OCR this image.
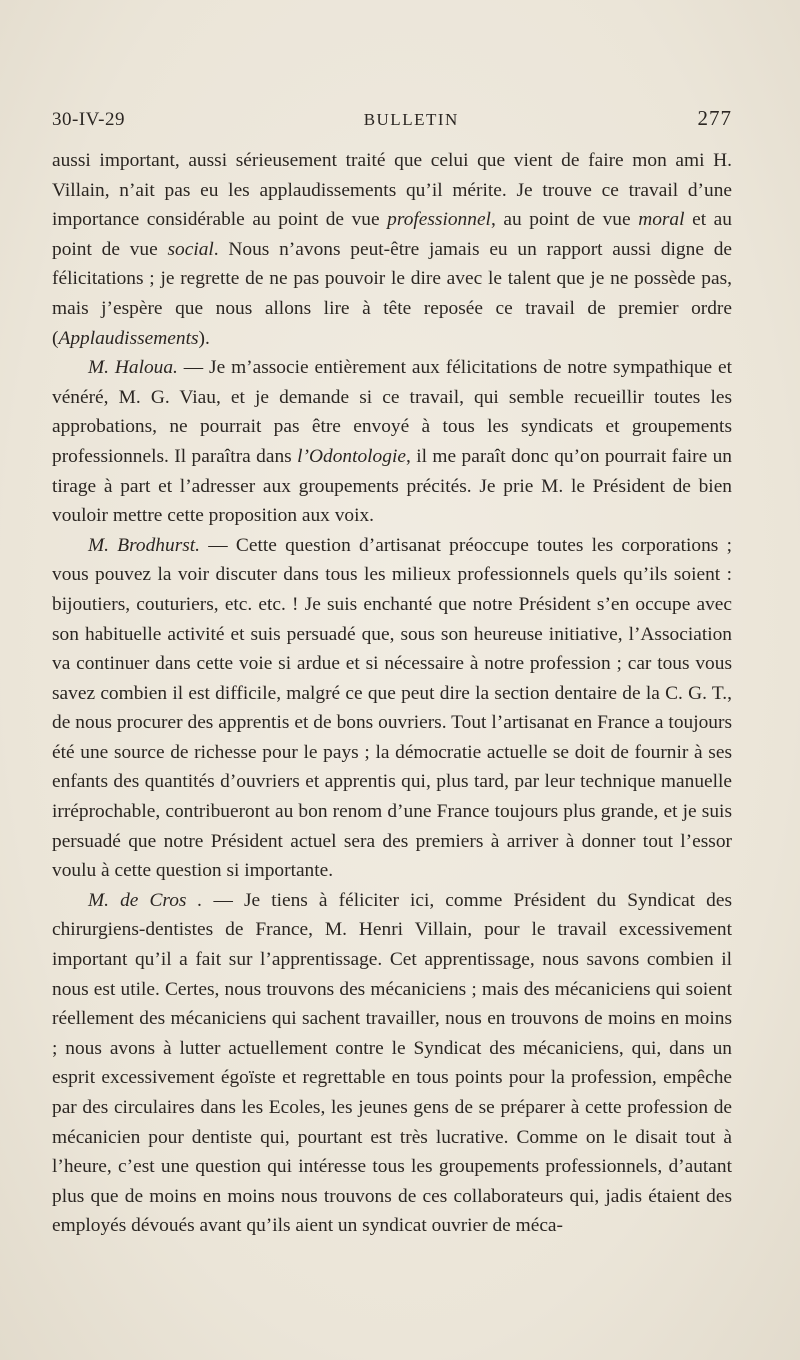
30-IV-29	BULLETIN	277

aussi important, aussi sérieusement traité que celui que vient de faire mon ami H. Villain, n’ait pas eu les applaudissements qu’il mérite. Je trouve ce travail d’une importance considérable au point de vue professionnel, au point de vue moral et au point de vue social. Nous n’avons peut-être jamais eu un rapport aussi digne de félicitations ; je regrette de ne pas pouvoir le dire avec le talent que je ne possède pas, mais j’espère que nous allons lire à tête reposée ce travail de premier ordre (Applaudissements).

M. Haloua. — Je m’associe entièrement aux félicitations de notre sympathique et vénéré, M. G. Viau, et je demande si ce travail, qui semble recueillir toutes les approbations, ne pourrait pas être envoyé à tous les syndicats et groupements professionnels. Il paraîtra dans l’Odontologie, il me paraît donc qu’on pourrait faire un tirage à part et l’adresser aux groupements précités. Je prie M. le Président de bien vouloir mettre cette proposition aux voix.

M. Brodhurst. — Cette question d’artisanat préoccupe toutes les corporations ; vous pouvez la voir discuter dans tous les milieux professionnels quels qu’ils soient : bijoutiers, couturiers, etc. etc. ! Je suis enchanté que notre Président s’en occupe avec son habituelle activité et suis persuadé que, sous son heureuse initiative, l’Association va continuer dans cette voie si ardue et si nécessaire à notre profession ; car tous vous savez combien il est difficile, malgré ce que peut dire la section dentaire de la C. G. T., de nous procurer des apprentis et de bons ouvriers. Tout l’artisanat en France a toujours été une source de richesse pour le pays ; la démocratie actuelle se doit de fournir à ses enfants des quantités d’ouvriers et apprentis qui, plus tard, par leur technique manuelle irréprochable, contribueront au bon renom d’une France toujours plus grande, et je suis persuadé que notre Président actuel sera des premiers à arriver à donner tout l’essor voulu à cette question si importante.

M. de Cros . — Je tiens à féliciter ici, comme Président du Syndicat des chirurgiens-dentistes de France, M. Henri Villain, pour le travail excessivement important qu’il a fait sur l’apprentissage. Cet apprentissage, nous savons combien il nous est utile. Certes, nous trouvons des mécaniciens ; mais des mécaniciens qui soient réellement des mécaniciens qui sachent travailler, nous en trouvons de moins en moins ; nous avons à lutter actuellement contre le Syndicat des mécaniciens, qui, dans un esprit excessivement égoïste et regrettable en tous points pour la profession, empêche par des circulaires dans les Ecoles, les jeunes gens de se préparer à cette profession de mécanicien pour dentiste qui, pourtant est très lucrative. Comme on le disait tout à l’heure, c’est une question qui intéresse tous les groupements professionnels, d’autant plus que de moins en moins nous trouvons de ces collaborateurs qui, jadis étaient des employés dévoués avant qu’ils aient un syndicat ouvrier de méca-
